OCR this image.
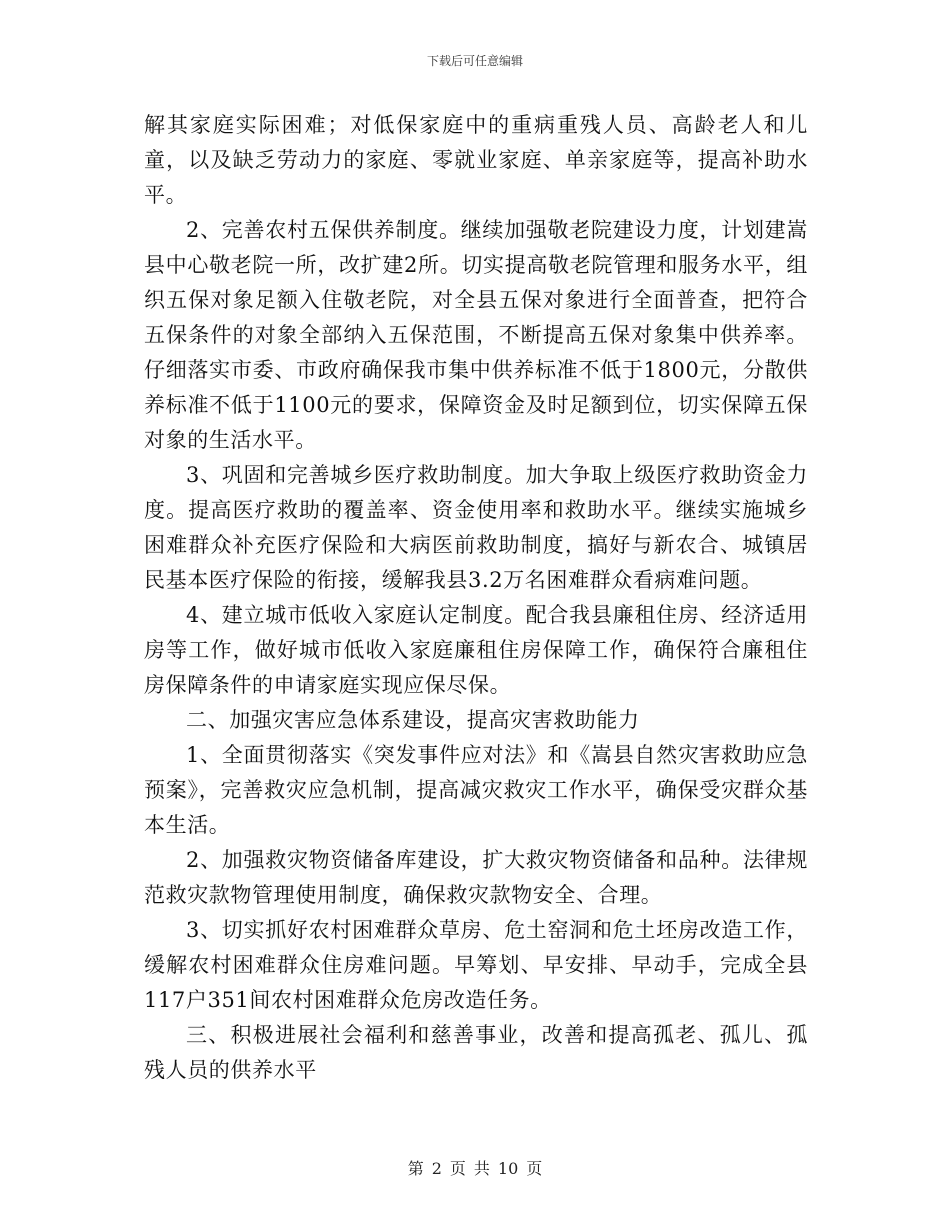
下载后可任意编辑

解其家庭实际困难；对低保家庭中的重病重残人员、高龄老人和儿童，以及缺乏劳动力的家庭、零就业家庭、单亲家庭等，提高补助水平。

2、完善农村五保供养制度。继续加强敬老院建设力度，计划建嵩县中心敬老院一所，改扩建2所。切实提高敬老院管理和服务水平，组织五保对象足额入住敬老院，对全县五保对象进行全面普查，把符合五保条件的对象全部纳入五保范围，不断提高五保对象集中供养率。仔细落实市委、市政府确保我市集中供养标准不低于1800元，分散供养标准不低于1100元的要求，保障资金及时足额到位，切实保障五保对象的生活水平。

3、巩固和完善城乡医疗救助制度。加大争取上级医疗救助资金力度。提高医疗救助的覆盖率、资金使用率和救助水平。继续实施城乡困难群众补充医疗保险和大病医前救助制度，搞好与新农合、城镇居民基本医疗保险的衔接，缓解我县3.2万名困难群众看病难问题。

4、建立城市低收入家庭认定制度。配合我县廉租住房、经济适用房等工作，做好城市低收入家庭廉租住房保障工作，确保符合廉租住房保障条件的申请家庭实现应保尽保。

二、加强灾害应急体系建设，提高灾害救助能力

1、全面贯彻落实《突发事件应对法》和《嵩县自然灾害救助应急预案》，完善救灾应急机制，提高减灾救灾工作水平，确保受灾群众基本生活。

2、加强救灾物资储备库建设，扩大救灾物资储备和品种。法律规范救灾款物管理使用制度，确保救灾款物安全、合理。

3、切实抓好农村困难群众草房、危土窑洞和危土坯房改造工作，缓解农村困难群众住房难问题。早筹划、早安排、早动手，完成全县117户351间农村困难群众危房改造任务。

三、积极进展社会福利和慈善事业，改善和提高孤老、孤儿、孤残人员的供养水平

第 2 页 共 10 页
